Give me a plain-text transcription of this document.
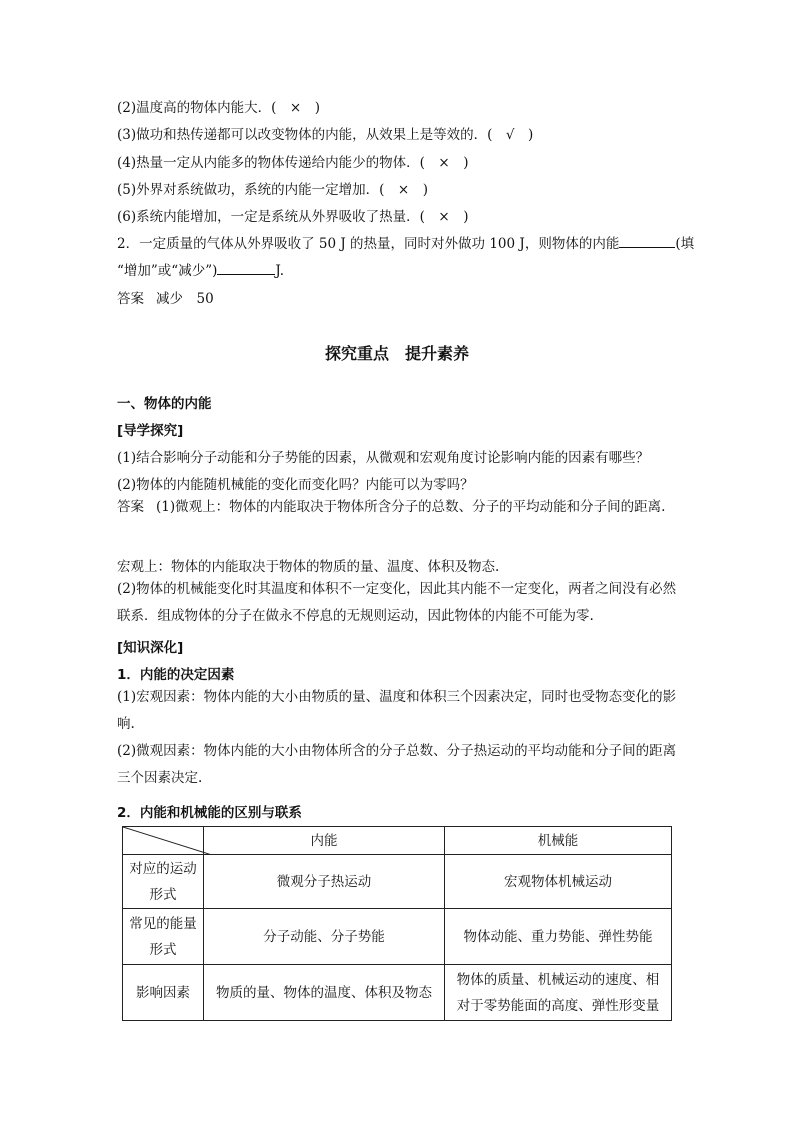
(2)温度高的物体内能大．(　×　)
(3)做功和热传递都可以改变物体的内能，从效果上是等效的．(　√　)
(4)热量一定从内能多的物体传递给内能少的物体．(　×　)
(5)外界对系统做功，系统的内能一定增加．(　×　)
(6)系统内能增加，一定是系统从外界吸收了热量．(　×　)
2．一定质量的气体从外界吸收了 50 J 的热量，同时对外做功 100 J，则物体的内能	(填
“增加”或“减少”)	J.
答案 减少　50
探究重点　提升素养
一、物体的内能
[导学探究]
(1)结合影响分子动能和分子势能的因素，从微观和宏观角度讨论影响内能的因素有哪些？
(2)物体的内能随机械能的变化而变化吗？内能可以为零吗？
答案 (1)微观上：物体的内能取决于物体所含分子的总数、分子的平均动能和分子间的距离.
宏观上：物体的内能取决于物体的物质的量、温度、体积及物态.
(2)物体的机械能变化时其温度和体积不一定变化，因此其内能不一定变化，两者之间没有必然联系．组成物体的分子在做永不停息的无规则运动，因此物体的内能不可能为零.
[知识深化]
1．内能的决定因素
(1)宏观因素：物体内能的大小由物质的量、温度和体积三个因素决定，同时也受物态变化的影响.
(2)微观因素：物体内能的大小由物体所含的分子总数、分子热运动的平均动能和分子间的距离三个因素决定.
2．内能和机械能的区别与联系
	内能	机械能
对应的运动
形式	微观分子热运动	宏观物体机械运动
常见的能量
形式	分子动能、分子势能	物体动能、重力势能、弹性势能
影响因素	物质的量、物体的温度、体积及物态	物体的质量、机械运动的速度、相
对于零势能面的高度、弹性形变量
